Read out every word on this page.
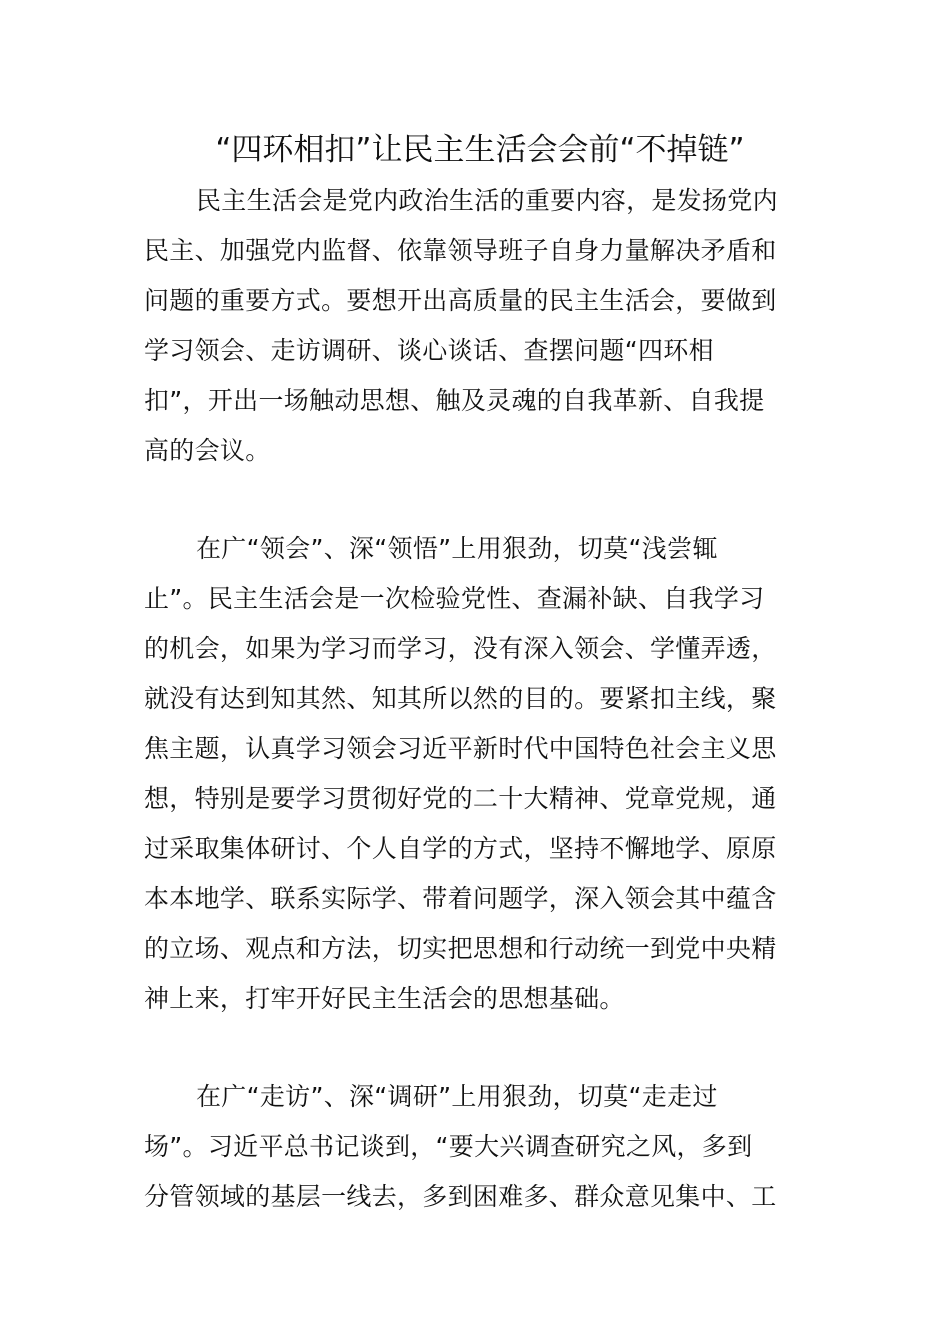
“四环相扣”让民主生活会会前“不掉链”
民主生活会是党内政治生活的重要内容，是发扬党内
民主、加强党内监督、依靠领导班子自身力量解决矛盾和
问题的重要方式。要想开出高质量的民主生活会，要做到
学习领会、走访调研、谈心谈话、查摆问题“四环相
扣”，开出一场触动思想、触及灵魂的自我革新、自我提
高的会议。
在广“领会”、深“领悟”上用狠劲，切莫“浅尝辄
止”。民主生活会是一次检验党性、查漏补缺、自我学习
的机会，如果为学习而学习，没有深入领会、学懂弄透，
就没有达到知其然、知其所以然的目的。要紧扣主线，聚
焦主题，认真学习领会习近平新时代中国特色社会主义思
想，特别是要学习贯彻好党的二十大精神、党章党规，通
过采取集体研讨、个人自学的方式，坚持不懈地学、原原
本本地学、联系实际学、带着问题学，深入领会其中蕴含
的立场、观点和方法，切实把思想和行动统一到党中央精
神上来，打牢开好民主生活会的思想基础。
在广“走访”、深“调研”上用狠劲，切莫“走走过
场”。习近平总书记谈到，“要大兴调查研究之风，多到
分管领域的基层一线去，多到困难多、群众意见集中、工
